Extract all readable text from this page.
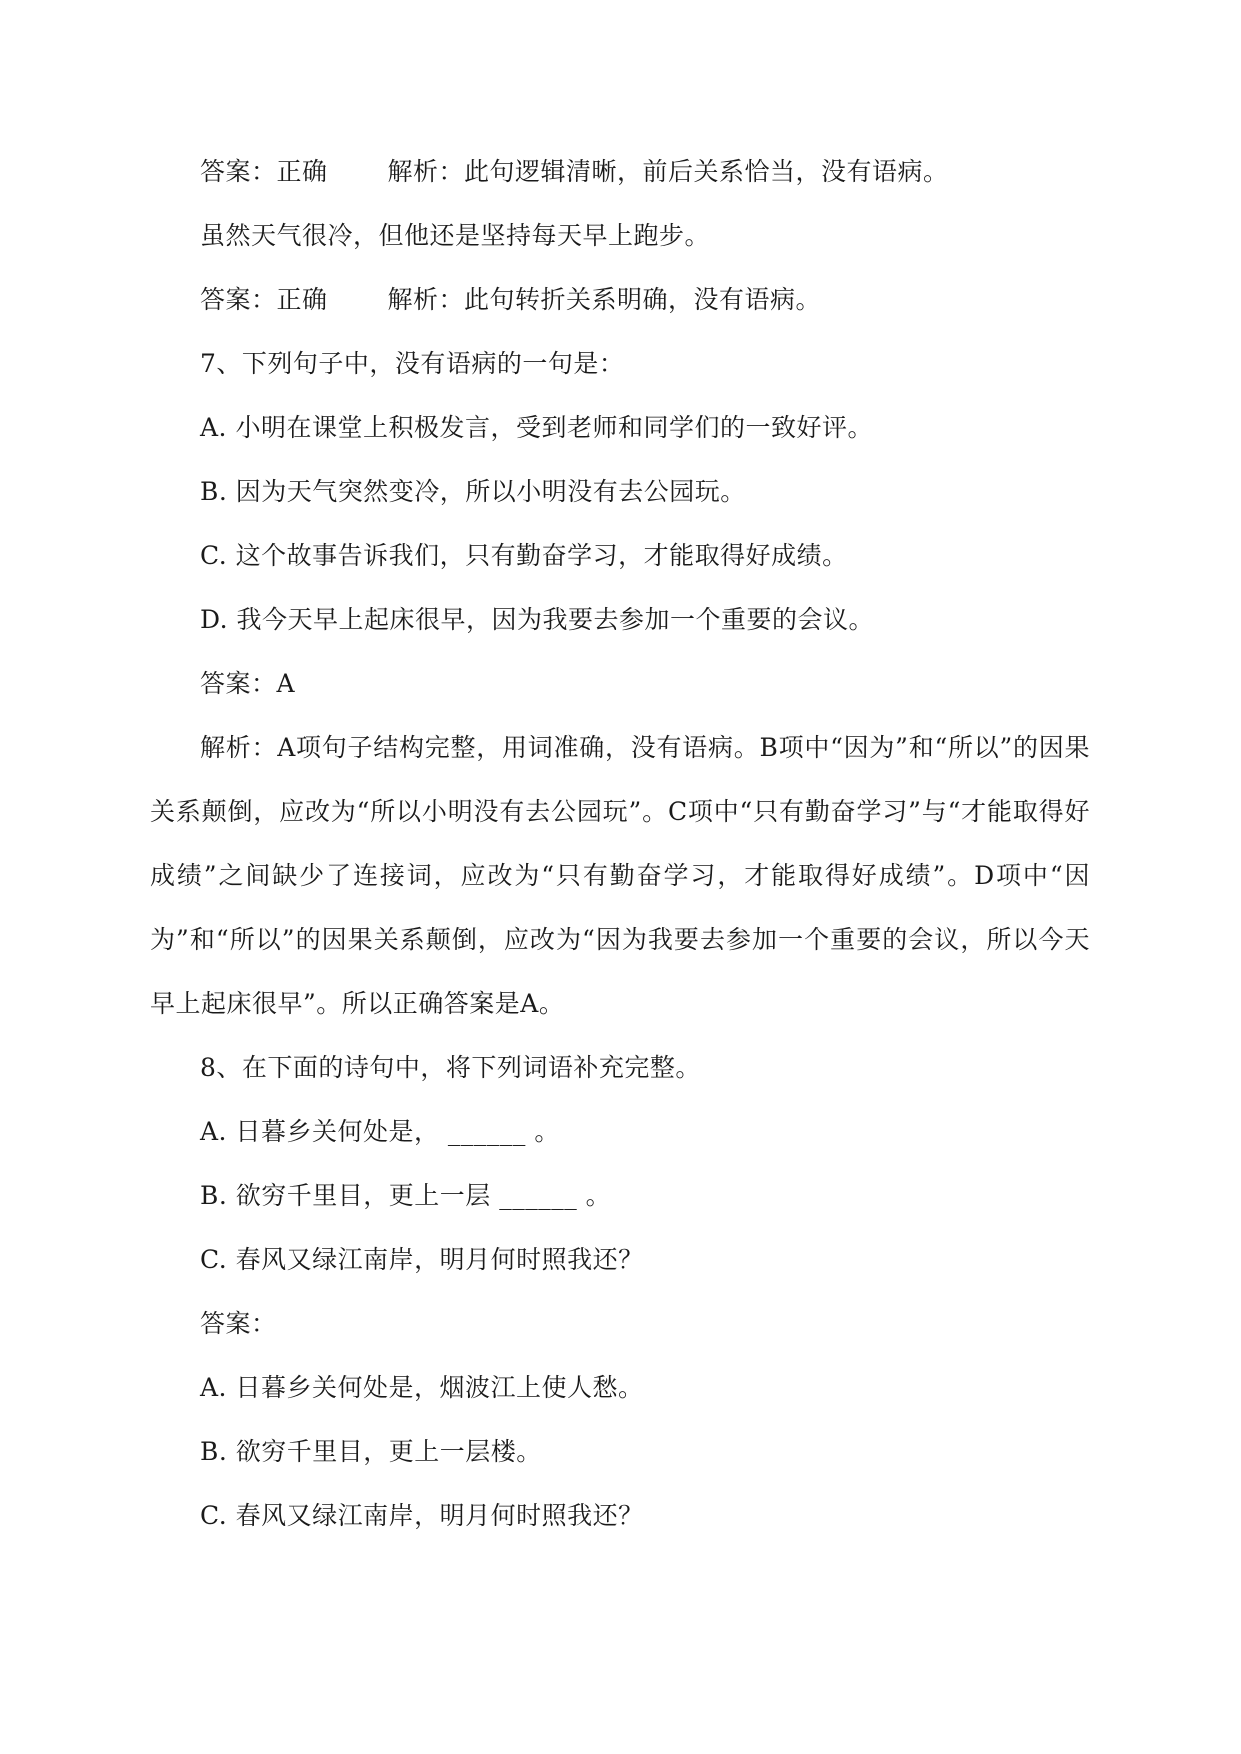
答案：正确 解析：此句逻辑清晰，前后关系恰当，没有语病。
虽然天气很冷，但他还是坚持每天早上跑步。
答案：正确 解析：此句转折关系明确，没有语病。
7、下列句子中，没有语病的一句是：
A. 小明在课堂上积极发言，受到老师和同学们的一致好评。
B. 因为天气突然变冷，所以小明没有去公园玩。
C. 这个故事告诉我们，只有勤奋学习，才能取得好成绩。
D. 我今天早上起床很早，因为我要去参加一个重要的会议。
答案：A
解析：A项句子结构完整，用词准确，没有语病。B项中“因为”和“所以”的因果关系颠倒，应改为“所以小明没有去公园玩”。C项中“只有勤奋学习”与“才能取得好成绩”之间缺少了连接词，应改为“只有勤奋学习，才能取得好成绩”。D项中“因为”和“所以”的因果关系颠倒，应改为“因为我要去参加一个重要的会议，所以今天早上起床很早”。所以正确答案是A。
8、在下面的诗句中，将下列词语补充完整。
A. 日暮乡关何处是， ______ 。
B. 欲穷千里目，更上一层 ______ 。
C. 春风又绿江南岸，明月何时照我还？
答案：
A. 日暮乡关何处是，烟波江上使人愁。
B. 欲穷千里目，更上一层楼。
C. 春风又绿江南岸，明月何时照我还？
